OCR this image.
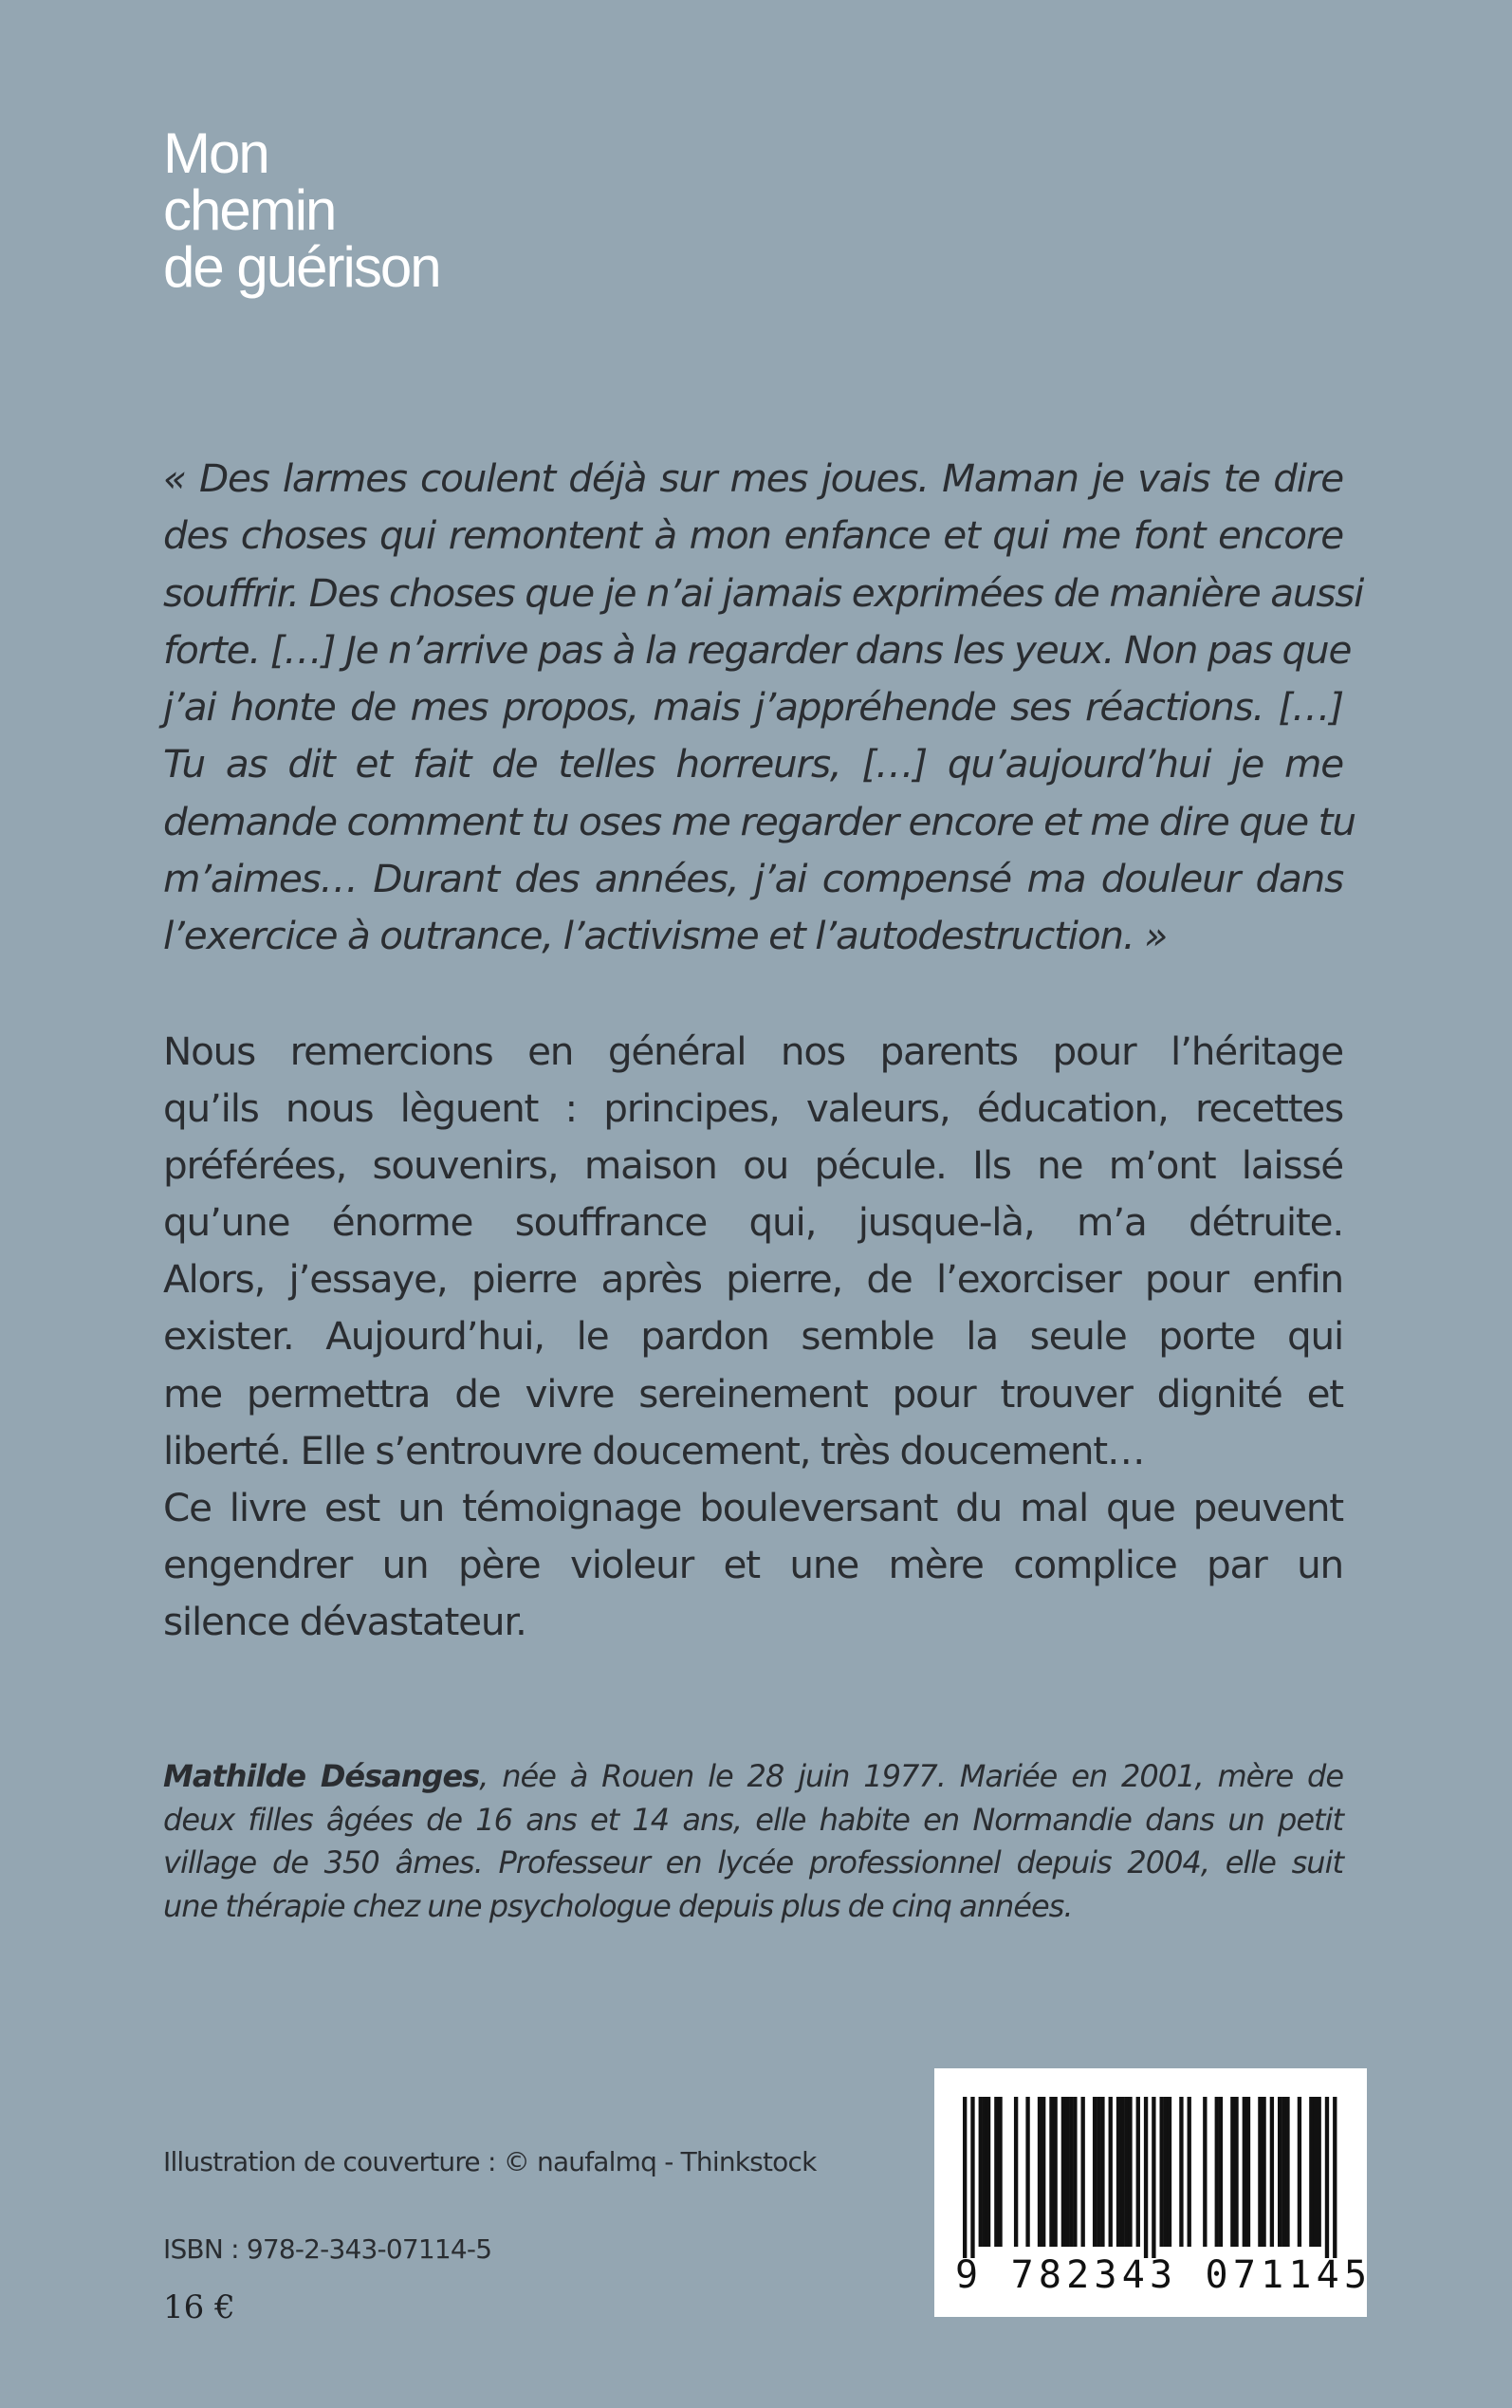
Mon
chemin
de guérison
« Des larmes coulent déjà sur mes joues. Maman je vais te dire
des choses qui remontent à mon enfance et qui me font encore
souffrir. Des choses que je n’ai jamais exprimées de manière aussi
forte. […] Je n’arrive pas à la regarder dans les yeux. Non pas que
j’ai honte de mes propos, mais j’appréhende ses réactions. […]
Tu as dit et fait de telles horreurs, […] qu’aujourd’hui je me
demande comment tu oses me regarder encore et me dire que tu
m’aimes… Durant des années, j’ai compensé ma douleur dans
l’exercice à outrance, l’activisme et l’autodestruction. »
Nous remercions en général nos parents pour l’héritage
qu’ils nous lèguent : principes, valeurs, éducation, recettes
préférées, souvenirs, maison ou pécule. Ils ne m’ont laissé
qu’une énorme souffrance qui, jusque-là, m’a détruite.
Alors, j’essaye, pierre après pierre, de l’exorciser pour enfin
exister. Aujourd’hui, le pardon semble la seule porte qui
me permettra de vivre sereinement pour trouver dignité et
liberté. Elle s’entrouvre doucement, très doucement…
Ce livre est un témoignage bouleversant du mal que peuvent
engendrer un père violeur et une mère complice par un
silence dévastateur.
Mathilde Désanges, née à Rouen le 28 juin 1977. Mariée en 2001, mère de
deux filles âgées de 16 ans et 14 ans, elle habite en Normandie dans un petit
village de 350 âmes. Professeur en lycée professionnel depuis 2004, elle suit
une thérapie chez une psychologue depuis plus de cinq années.
Illustration de couverture : © naufalmq - Thinkstock
ISBN : 978-2-343-07114-5
16 €
9 782343 071145
